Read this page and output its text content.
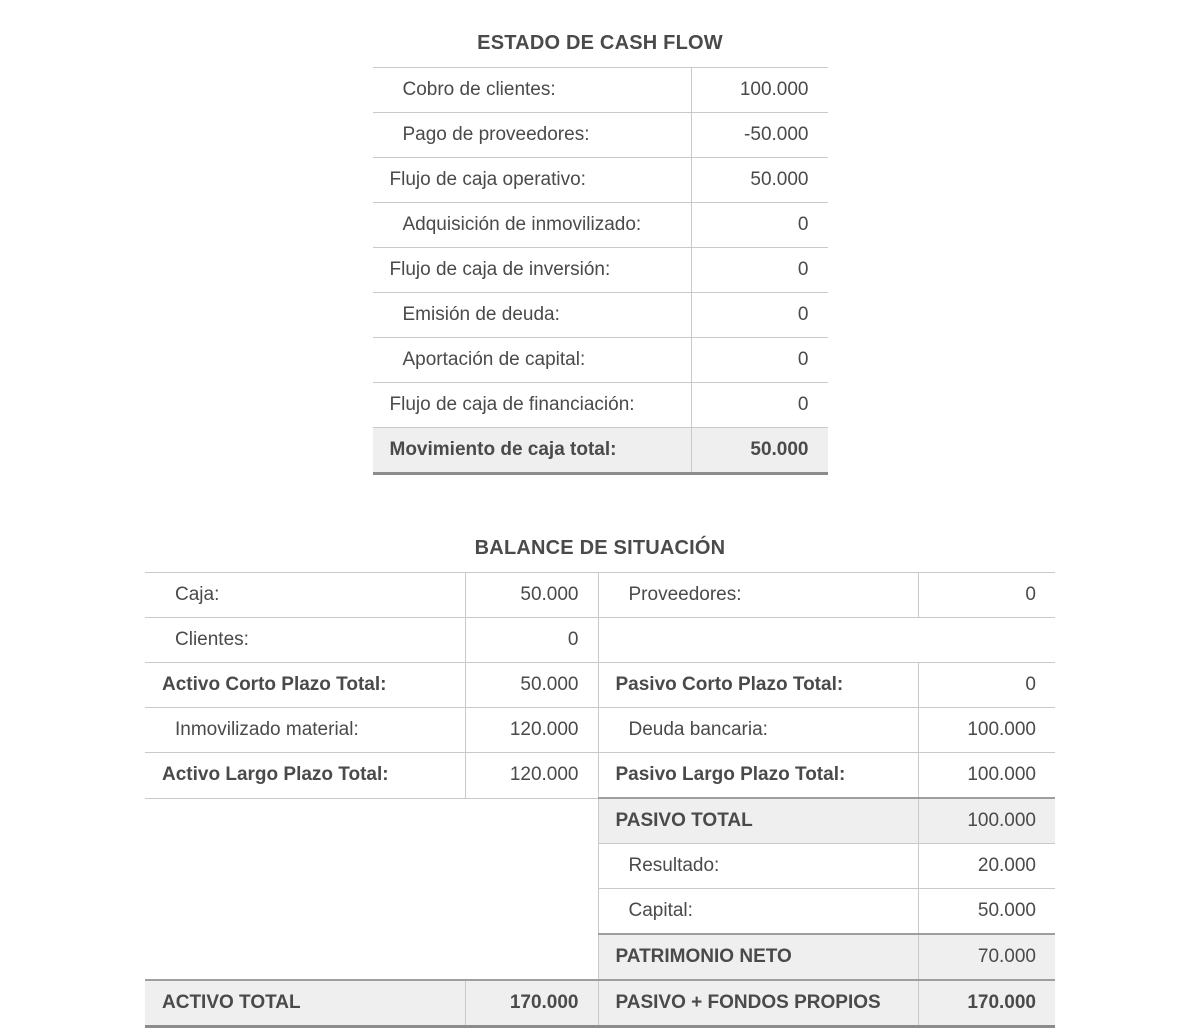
ESTADO DE CASH FLOW
Cobro de clientes:	100.000
Pago de proveedores:	-50.000
Flujo de caja operativo:	50.000
Adquisición de inmovilizado:	0
Flujo de caja de inversión:	0
Emisión de deuda:	0
Aportación de capital:	0
Flujo de caja de financiación:	0
Movimiento de caja total:	50.000
BALANCE DE SITUACIÓN
Caja:	50.000	Proveedores:	0
Clientes:	0		
Activo Corto Plazo Total:	50.000	Pasivo Corto Plazo Total:	0
Inmovilizado material:	120.000	Deuda bancaria:	100.000
Activo Largo Plazo Total:	120.000	Pasivo Largo Plazo Total:	100.000
		PASIVO TOTAL	100.000
		Resultado:	20.000
		Capital:	50.000
		PATRIMONIO NETO	70.000
ACTIVO TOTAL	170.000	PASIVO + FONDOS PROPIOS	170.000
